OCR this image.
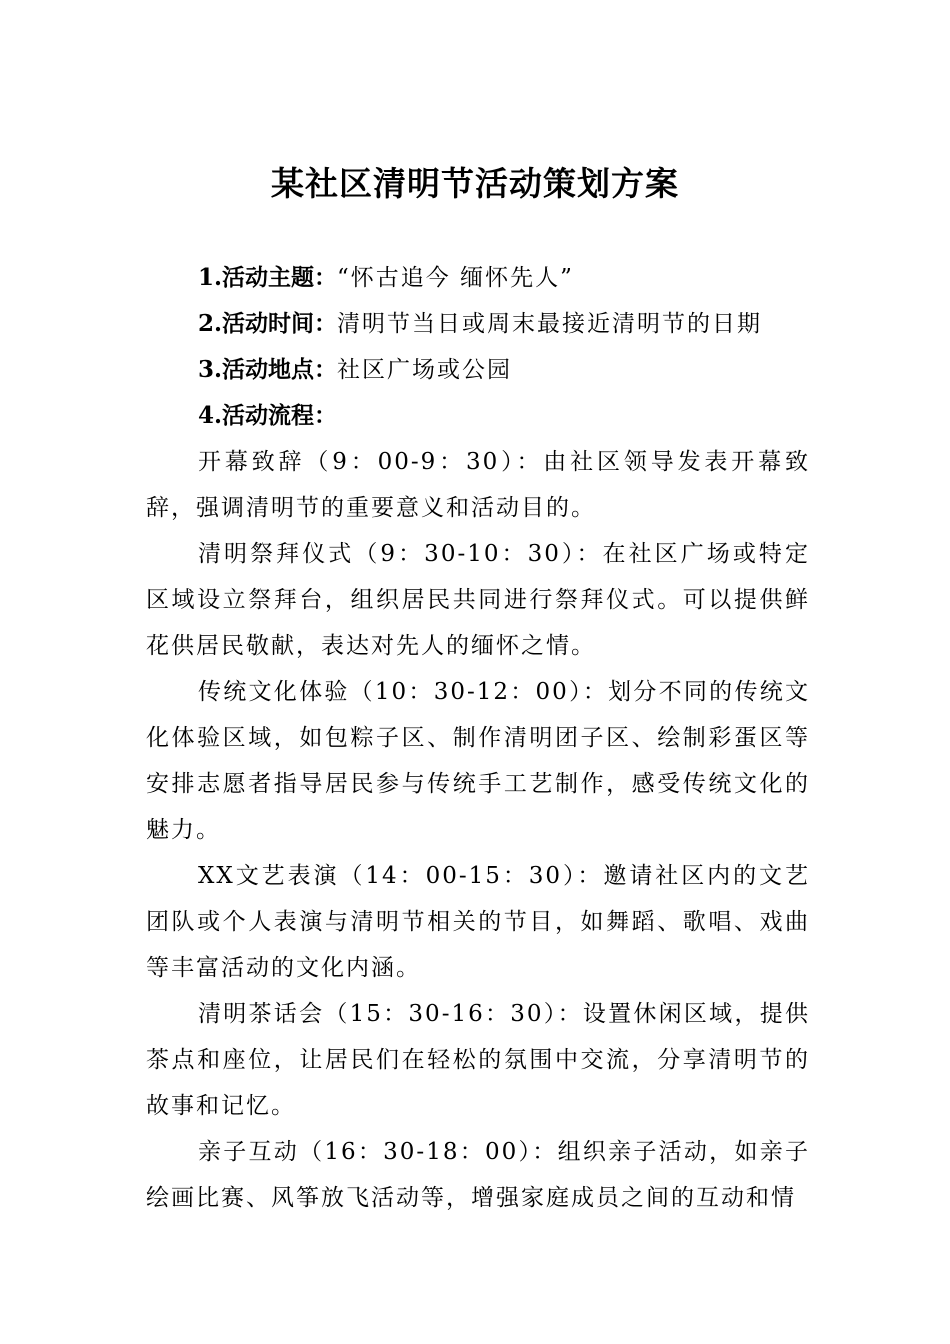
某社区清明节活动策划方案

1.活动主题：“怀古追今 缅怀先人”

2.活动时间：清明节当日或周末最接近清明节的日期

3.活动地点：社区广场或公园

4.活动流程：

开幕致辞（9：00-9：30）：由社区领导发表开幕致辞，强调清明节的重要意义和活动目的。

清明祭拜仪式（9：30-10：30）：在社区广场或特定区域设立祭拜台，组织居民共同进行祭拜仪式。可以提供鲜花供居民敬献，表达对先人的缅怀之情。

传统文化体验（10：30-12：00）：划分不同的传统文化体验区域，如包粽子区、制作清明团子区、绘制彩蛋区等安排志愿者指导居民参与传统手工艺制作，感受传统文化的魅力。

XX文艺表演（14：00-15：30）：邀请社区内的文艺团队或个人表演与清明节相关的节目，如舞蹈、歌唱、戏曲等丰富活动的文化内涵。

清明茶话会（15：30-16：30）：设置休闲区域，提供茶点和座位，让居民们在轻松的氛围中交流，分享清明节的故事和记忆。

亲子互动（16：30-18：00）：组织亲子活动，如亲子绘画比赛、风筝放飞活动等，增强家庭成员之间的互动和情
